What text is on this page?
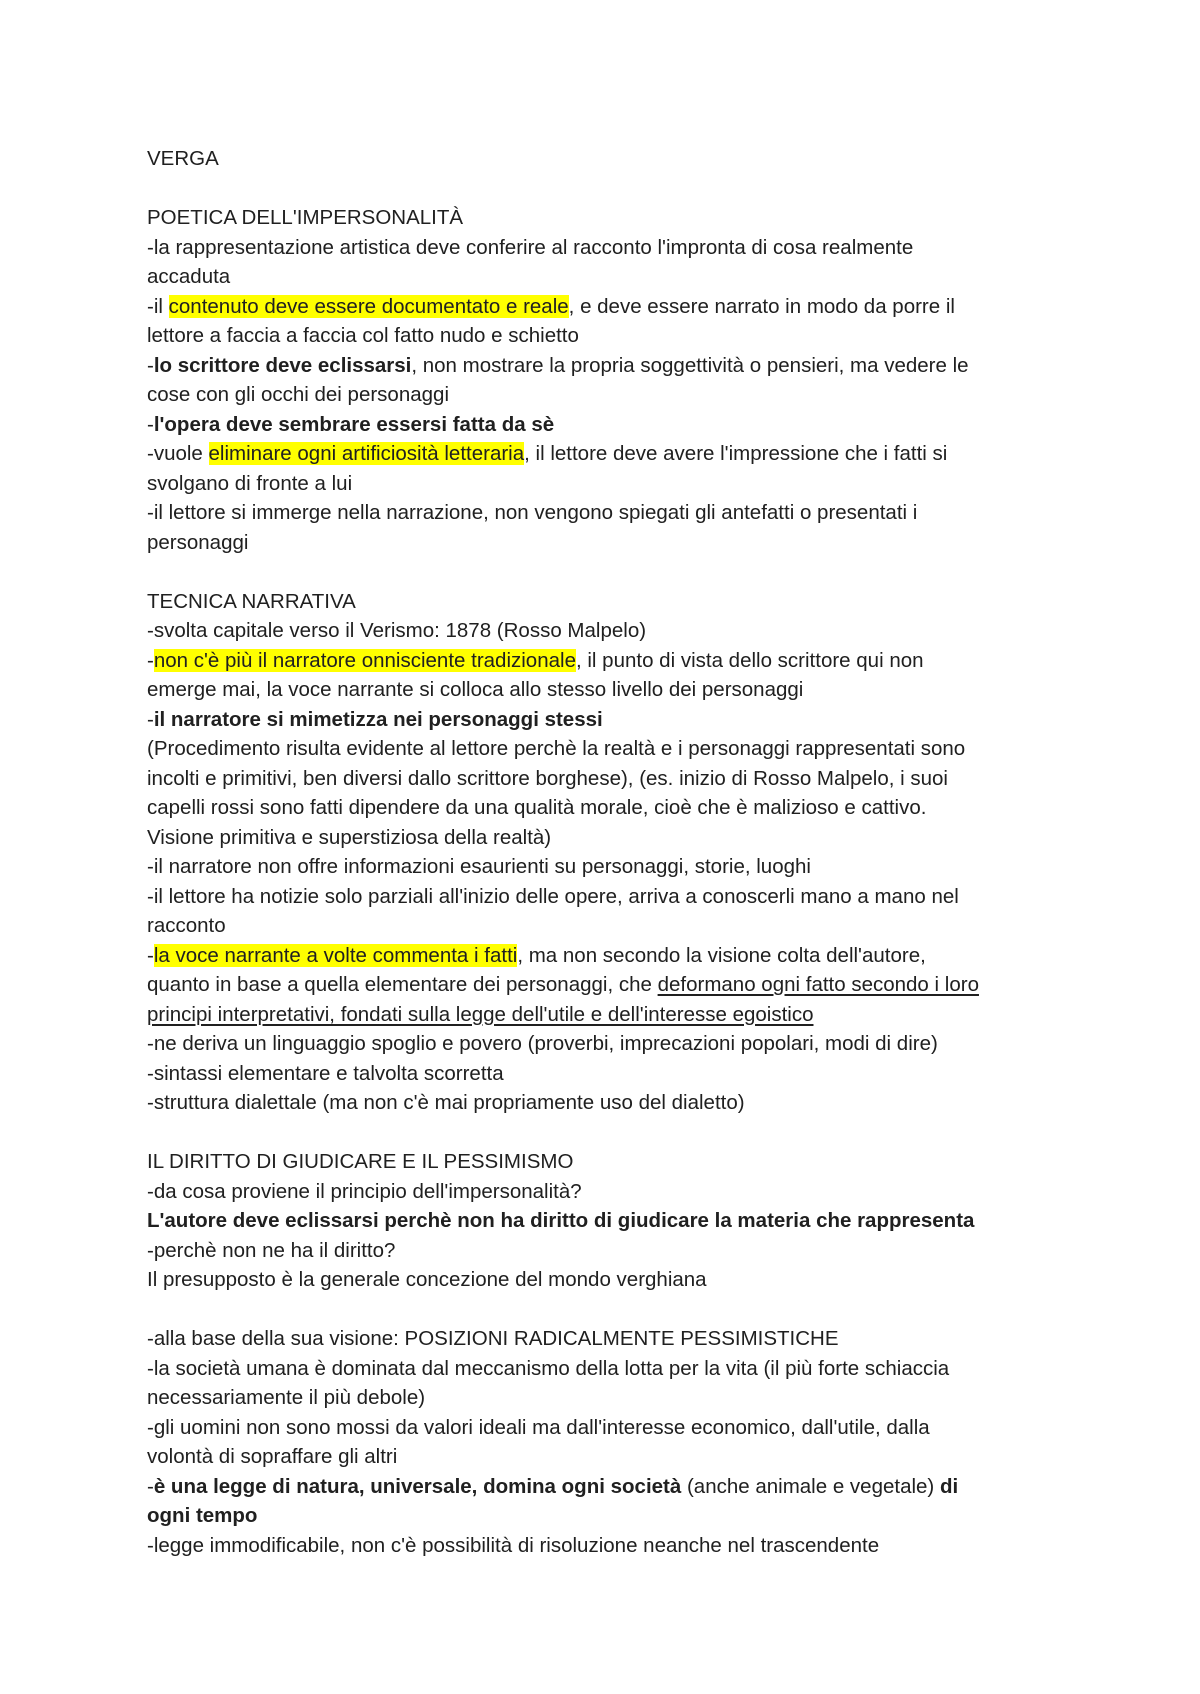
VERGA
POETICA DELL'IMPERSONALITÀ
-la rappresentazione artistica deve conferire al racconto l'impronta di cosa realmente
accaduta
-il contenuto deve essere documentato e reale, e deve essere narrato in modo da porre il
lettore a faccia a faccia col fatto nudo e schietto
-lo scrittore deve eclissarsi, non mostrare la propria soggettività o pensieri, ma vedere le
cose con gli occhi dei personaggi
-l'opera deve sembrare essersi fatta da sè
-vuole eliminare ogni artificiosità letteraria, il lettore deve avere l'impressione che i fatti si
svolgano di fronte a lui
-il lettore si immerge nella narrazione, non vengono spiegati gli antefatti o presentati i
personaggi
TECNICA NARRATIVA
-svolta capitale verso il Verismo: 1878 (Rosso Malpelo)
-non c'è più il narratore onnisciente tradizionale, il punto di vista dello scrittore qui non
emerge mai, la voce narrante si colloca allo stesso livello dei personaggi
-il narratore si mimetizza nei personaggi stessi
(Procedimento risulta evidente al lettore perchè la realtà e i personaggi rappresentati sono
incolti e primitivi, ben diversi dallo scrittore borghese), (es. inizio di Rosso Malpelo, i suoi
capelli rossi sono fatti dipendere da una qualità morale, cioè che è malizioso e cattivo.
Visione primitiva e superstiziosa della realtà)
-il narratore non offre informazioni esaurienti su personaggi, storie, luoghi
-il lettore ha notizie solo parziali all'inizio delle opere, arriva a conoscerli mano a mano nel
racconto
-la voce narrante a volte commenta i fatti, ma non secondo la visione colta dell'autore,
quanto in base a quella elementare dei personaggi, che deformano ogni fatto secondo i loro
principi interpretativi, fondati sulla legge dell'utile e dell'interesse egoistico
-ne deriva un linguaggio spoglio e povero (proverbi, imprecazioni popolari, modi di dire)
-sintassi elementare e talvolta scorretta
-struttura dialettale (ma non c'è mai propriamente uso del dialetto)
IL DIRITTO DI GIUDICARE E IL PESSIMISMO
-da cosa proviene il principio dell'impersonalità?
L'autore deve eclissarsi perchè non ha diritto di giudicare la materia che rappresenta
-perchè non ne ha il diritto?
Il presupposto è la generale concezione del mondo verghiana
-alla base della sua visione: POSIZIONI RADICALMENTE PESSIMISTICHE
-la società umana è dominata dal meccanismo della lotta per la vita (il più forte schiaccia
necessariamente il più debole)
-gli uomini non sono mossi da valori ideali ma dall'interesse economico, dall'utile, dalla
volontà di sopraffare gli altri
-è una legge di natura, universale, domina ogni società (anche animale e vegetale) di
ogni tempo
-legge immodificabile, non c'è possibilità di risoluzione neanche nel trascendente
